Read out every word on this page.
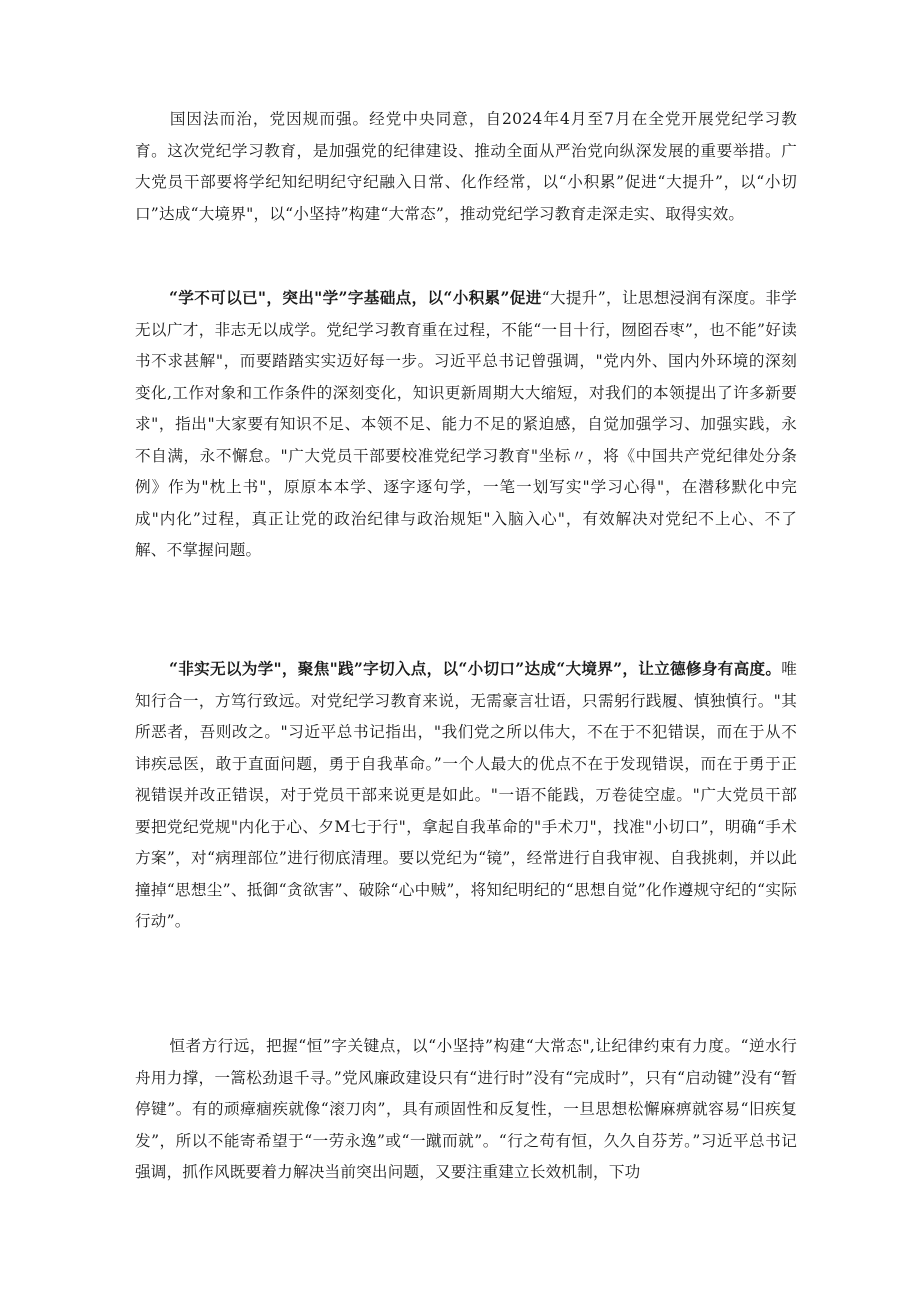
国因法而治，党因规而强。经党中央同意，自2024年4月至7月在全党开展党纪学习教育。这次党纪学习教育，是加强党的纪律建设、推动全面从严治党向纵深发展的重要举措。广大党员干部要将学纪知纪明纪守纪融入日常、化作经常，以“小积累”促进“大提升”，以“小切口”达成“大境界"，以“小坚持”构建“大常态”，推动党纪学习教育走深走实、取得实效。

“学不可以已"，突出"学”字基础点，以“小积累”促进“大提升”，让思想浸润有深度。非学无以广才，非志无以成学。党纪学习教育重在过程，不能“一目十行，囫囵吞枣”，也不能”好读书不求甚解"，而要踏踏实实迈好每一步。习近平总书记曾强调，"党内外、国内外环境的深刻变化,工作对象和工作条件的深刻变化，知识更新周期大大缩短，对我们的本领提出了许多新要求"，指出"大家要有知识不足、本领不足、能力不足的紧迫感，自觉加强学习、加强实践，永不自满，永不懈怠。"广大党员干部要校准党纪学习教育"坐标〃，将《中国共产党纪律处分条例》作为"枕上书"，原原本本学、逐字逐句学，一笔一划写实"学习心得"，在潜移默化中完成"内化”过程，真正让党的政治纪律与政治规矩"入脑入心"，有效解决对党纪不上心、不了解、不掌握问题。

“非实无以为学"，聚焦"践”字切入点，以“小切口”达成“大境界”，让立德修身有高度。唯知行合一，方笃行致远。对党纪学习教育来说，无需豪言壮语，只需躬行践履、慎独慎行。"其所恶者，吾则改之。"习近平总书记指出，"我们党之所以伟大，不在于不犯错误，而在于从不讳疾忌医，敢于直面问题，勇于自我革命。”一个人最大的优点不在于发现错误，而在于勇于正视错误并改正错误，对于党员干部来说更是如此。"一语不能践，万卷徒空虚。"广大党员干部要把党纪党规"内化于心、夕M七于行"，拿起自我革命的"手术刀"，找准"小切口”，明确“手术方案”，对“病理部位”进行彻底清理。要以党纪为“镜”，经常进行自我审视、自我挑刺，并以此撞掉“思想尘”、抵御“贪欲害”、破除“心中贼”，将知纪明纪的“思想自觉”化作遵规守纪的“实际行动”。

恒者方行远，把握“恒”字关键点，以“小坚持”构建“大常态",让纪律约束有力度。“逆水行舟用力撑，一篙松劲退千寻。”党风廉政建设只有“进行时”没有“完成时”，只有“启动键”没有“暂停键”。有的顽瘴痼疾就像“滚刀肉”，具有顽固性和反复性，一旦思想松懈麻痹就容易“旧疾复发”，所以不能寄希望于“一劳永逸”或“一蹴而就”。“行之苟有恒，久久自芬芳。”习近平总书记强调，抓作风既要着力解决当前突出问题，又要注重建立长效机制，下功
